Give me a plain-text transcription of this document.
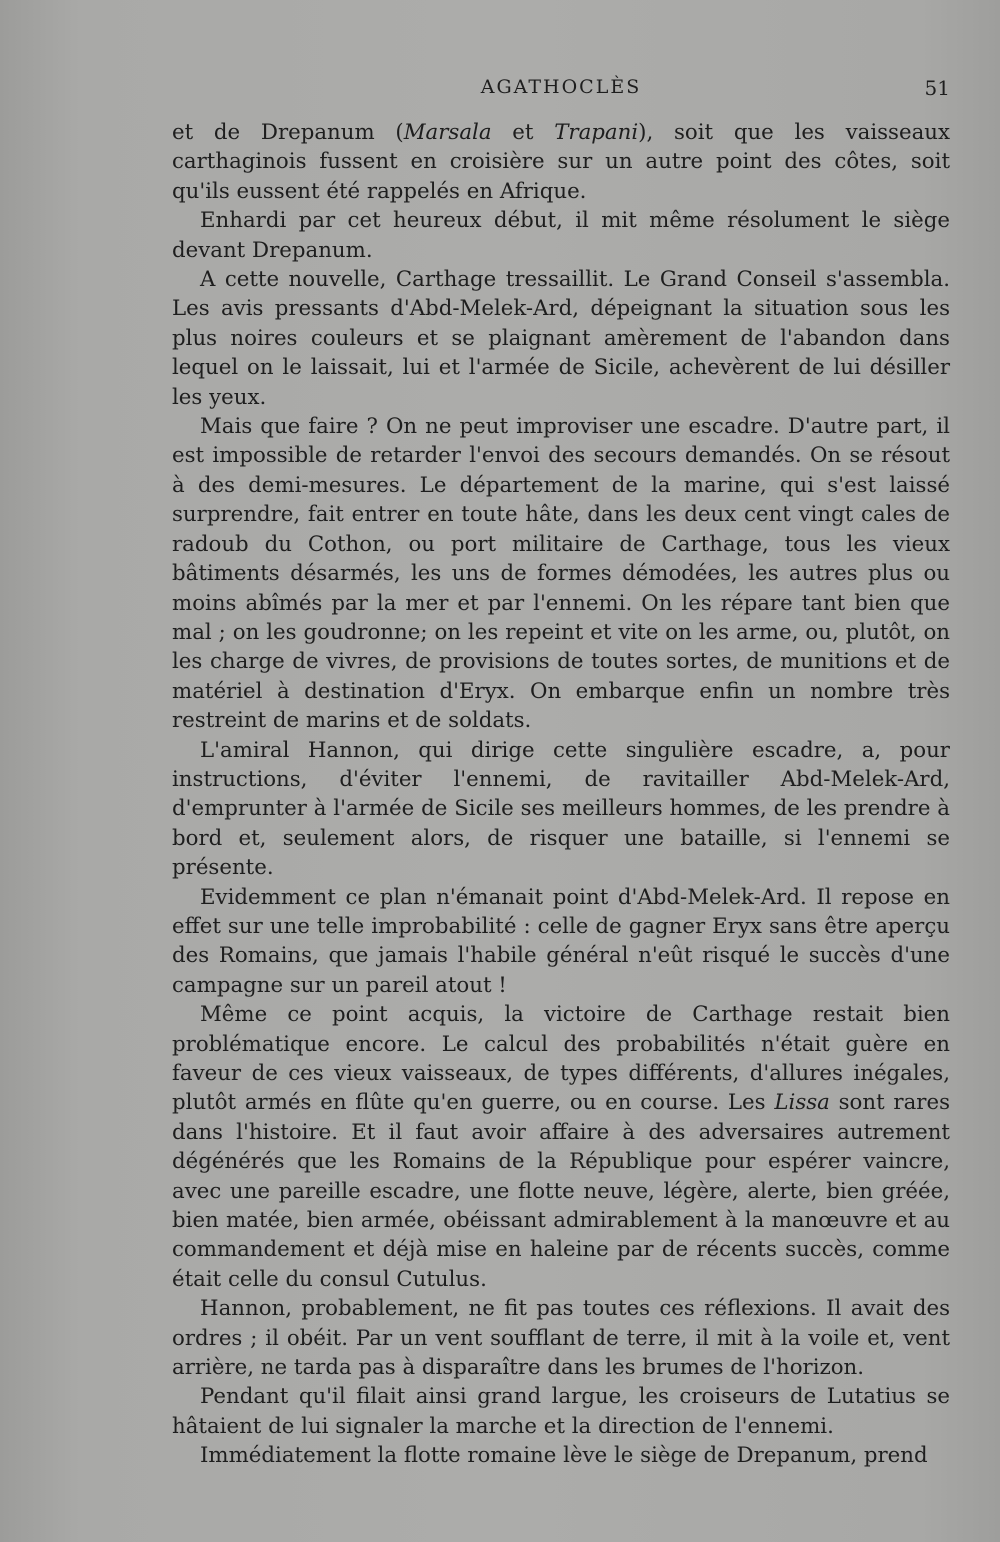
AGATHOCLÈS	51

et de Drepanum (Marsala et Trapani), soit que les vaisseaux carthaginois fussent en croisière sur un autre point des côtes, soit qu'ils eussent été rappelés en Afrique.

Enhardi par cet heureux début, il mit même résolument le siège devant Drepanum.

A cette nouvelle, Carthage tressaillit. Le Grand Conseil s'assembla. Les avis pressants d'Abd-Melek-Ard, dépeignant la situation sous les plus noires couleurs et se plaignant amèrement de l'abandon dans lequel on le laissait, lui et l'armée de Sicile, achevèrent de lui désiller les yeux.

Mais que faire ? On ne peut improviser une escadre. D'autre part, il est impossible de retarder l'envoi des secours demandés. On se résout à des demi-mesures. Le département de la marine, qui s'est laissé surprendre, fait entrer en toute hâte, dans les deux cent vingt cales de radoub du Cothon, ou port militaire de Carthage, tous les vieux bâtiments désarmés, les uns de formes démodées, les autres plus ou moins abîmés par la mer et par l'ennemi. On les répare tant bien que mal ; on les goudronne; on les repeint et vite on les arme, ou, plutôt, on les charge de vivres, de provisions de toutes sortes, de munitions et de matériel à destination d'Eryx. On embarque enfin un nombre très restreint de marins et de soldats.

L'amiral Hannon, qui dirige cette singulière escadre, a, pour instructions, d'éviter l'ennemi, de ravitailler Abd-Melek-Ard, d'emprunter à l'armée de Sicile ses meilleurs hommes, de les prendre à bord et, seulement alors, de risquer une bataille, si l'ennemi se présente.

Evidemment ce plan n'émanait point d'Abd-Melek-Ard. Il repose en effet sur une telle improbabilité : celle de gagner Eryx sans être aperçu des Romains, que jamais l'habile général n'eût risqué le succès d'une campagne sur un pareil atout !

Même ce point acquis, la victoire de Carthage restait bien problématique encore. Le calcul des probabilités n'était guère en faveur de ces vieux vaisseaux, de types différents, d'allures inégales, plutôt armés en flûte qu'en guerre, ou en course. Les Lissa sont rares dans l'histoire. Et il faut avoir affaire à des adversaires autrement dégénérés que les Romains de la République pour espérer vaincre, avec une pareille escadre, une flotte neuve, légère, alerte, bien gréée, bien matée, bien armée, obéissant admirablement à la manœuvre et au commandement et déjà mise en haleine par de récents succès, comme était celle du consul Cutulus.

Hannon, probablement, ne fit pas toutes ces réflexions. Il avait des ordres ; il obéit. Par un vent soufflant de terre, il mit à la voile et, vent arrière, ne tarda pas à disparaître dans les brumes de l'horizon.

Pendant qu'il filait ainsi grand largue, les croiseurs de Lutatius se hâtaient de lui signaler la marche et la direction de l'ennemi.

Immédiatement la flotte romaine lève le siège de Drepanum, prend
